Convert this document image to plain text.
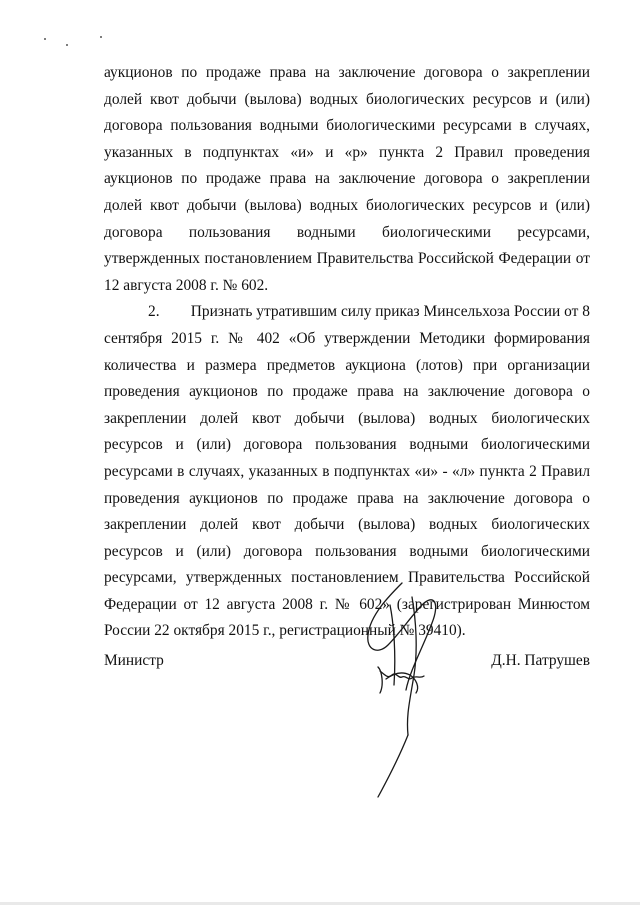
аукционов по продаже права на заключение договора о закреплении долей квот добычи (вылова) водных биологических ресурсов и (или) договора пользования водными биологическими ресурсами в случаях, указанных в подпунктах «и» и «р» пункта 2 Правил проведения аукционов по продаже права на заключение договора о закреплении долей квот добычи (вылова) водных биологических ресурсов и (или) договора пользования водными биологическими ресурсами, утвержденных постановлением Правительства Российской Федерации от 12 августа 2008 г. № 602.

2.        Признать утратившим силу приказ Минсельхоза России от 8 сентября 2015 г. № 402 «Об утверждении Методики формирования количества и размера предметов аукциона (лотов) при организации проведения аукционов по продаже права на заключение договора о закреплении долей квот добычи (вылова) водных биологических ресурсов и (или) договора пользования водными биологическими ресурсами в случаях, указанных в подпунктах «и» - «л» пункта 2 Правил проведения аукционов по продаже права на заключение договора о закреплении долей квот добычи (вылова) водных биологических ресурсов и (или) договора пользования водными биологическими ресурсами, утвержденных постановлением Правительства Российской Федерации от 12 августа 2008 г. № 602» (зарегистрирован Минюстом России 22 октября 2015 г., регистрационный № 39410).

Министр	Д.Н. Патрушев
